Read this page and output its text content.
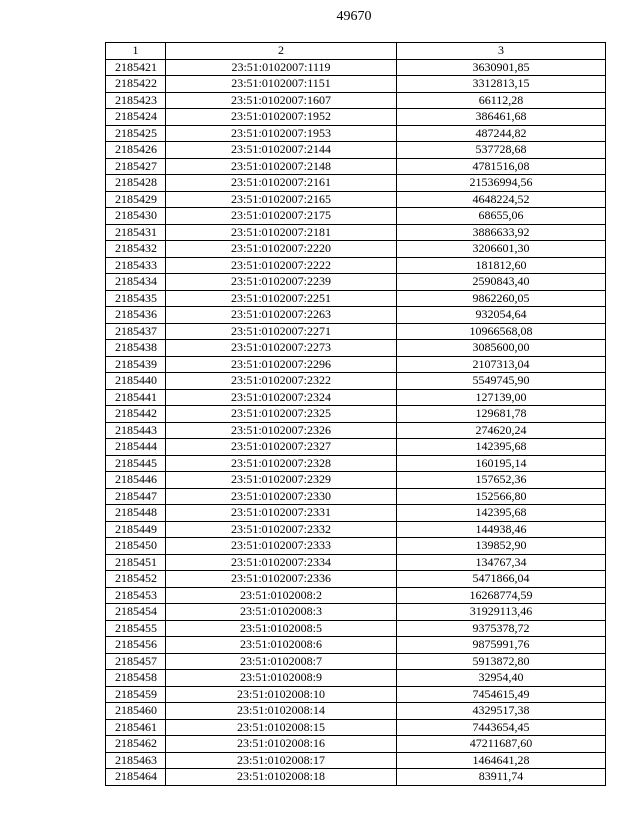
49670
1	2	3
2185421	23:51:0102007:1119	3630901,85
2185422	23:51:0102007:1151	3312813,15
2185423	23:51:0102007:1607	66112,28
2185424	23:51:0102007:1952	386461,68
2185425	23:51:0102007:1953	487244,82
2185426	23:51:0102007:2144	537728,68
2185427	23:51:0102007:2148	4781516,08
2185428	23:51:0102007:2161	21536994,56
2185429	23:51:0102007:2165	4648224,52
2185430	23:51:0102007:2175	68655,06
2185431	23:51:0102007:2181	3886633,92
2185432	23:51:0102007:2220	3206601,30
2185433	23:51:0102007:2222	181812,60
2185434	23:51:0102007:2239	2590843,40
2185435	23:51:0102007:2251	9862260,05
2185436	23:51:0102007:2263	932054,64
2185437	23:51:0102007:2271	10966568,08
2185438	23:51:0102007:2273	3085600,00
2185439	23:51:0102007:2296	2107313,04
2185440	23:51:0102007:2322	5549745,90
2185441	23:51:0102007:2324	127139,00
2185442	23:51:0102007:2325	129681,78
2185443	23:51:0102007:2326	274620,24
2185444	23:51:0102007:2327	142395,68
2185445	23:51:0102007:2328	160195,14
2185446	23:51:0102007:2329	157652,36
2185447	23:51:0102007:2330	152566,80
2185448	23:51:0102007:2331	142395,68
2185449	23:51:0102007:2332	144938,46
2185450	23:51:0102007:2333	139852,90
2185451	23:51:0102007:2334	134767,34
2185452	23:51:0102007:2336	5471866,04
2185453	23:51:0102008:2	16268774,59
2185454	23:51:0102008:3	31929113,46
2185455	23:51:0102008:5	9375378,72
2185456	23:51:0102008:6	9875991,76
2185457	23:51:0102008:7	5913872,80
2185458	23:51:0102008:9	32954,40
2185459	23:51:0102008:10	7454615,49
2185460	23:51:0102008:14	4329517,38
2185461	23:51:0102008:15	7443654,45
2185462	23:51:0102008:16	47211687,60
2185463	23:51:0102008:17	1464641,28
2185464	23:51:0102008:18	83911,74
